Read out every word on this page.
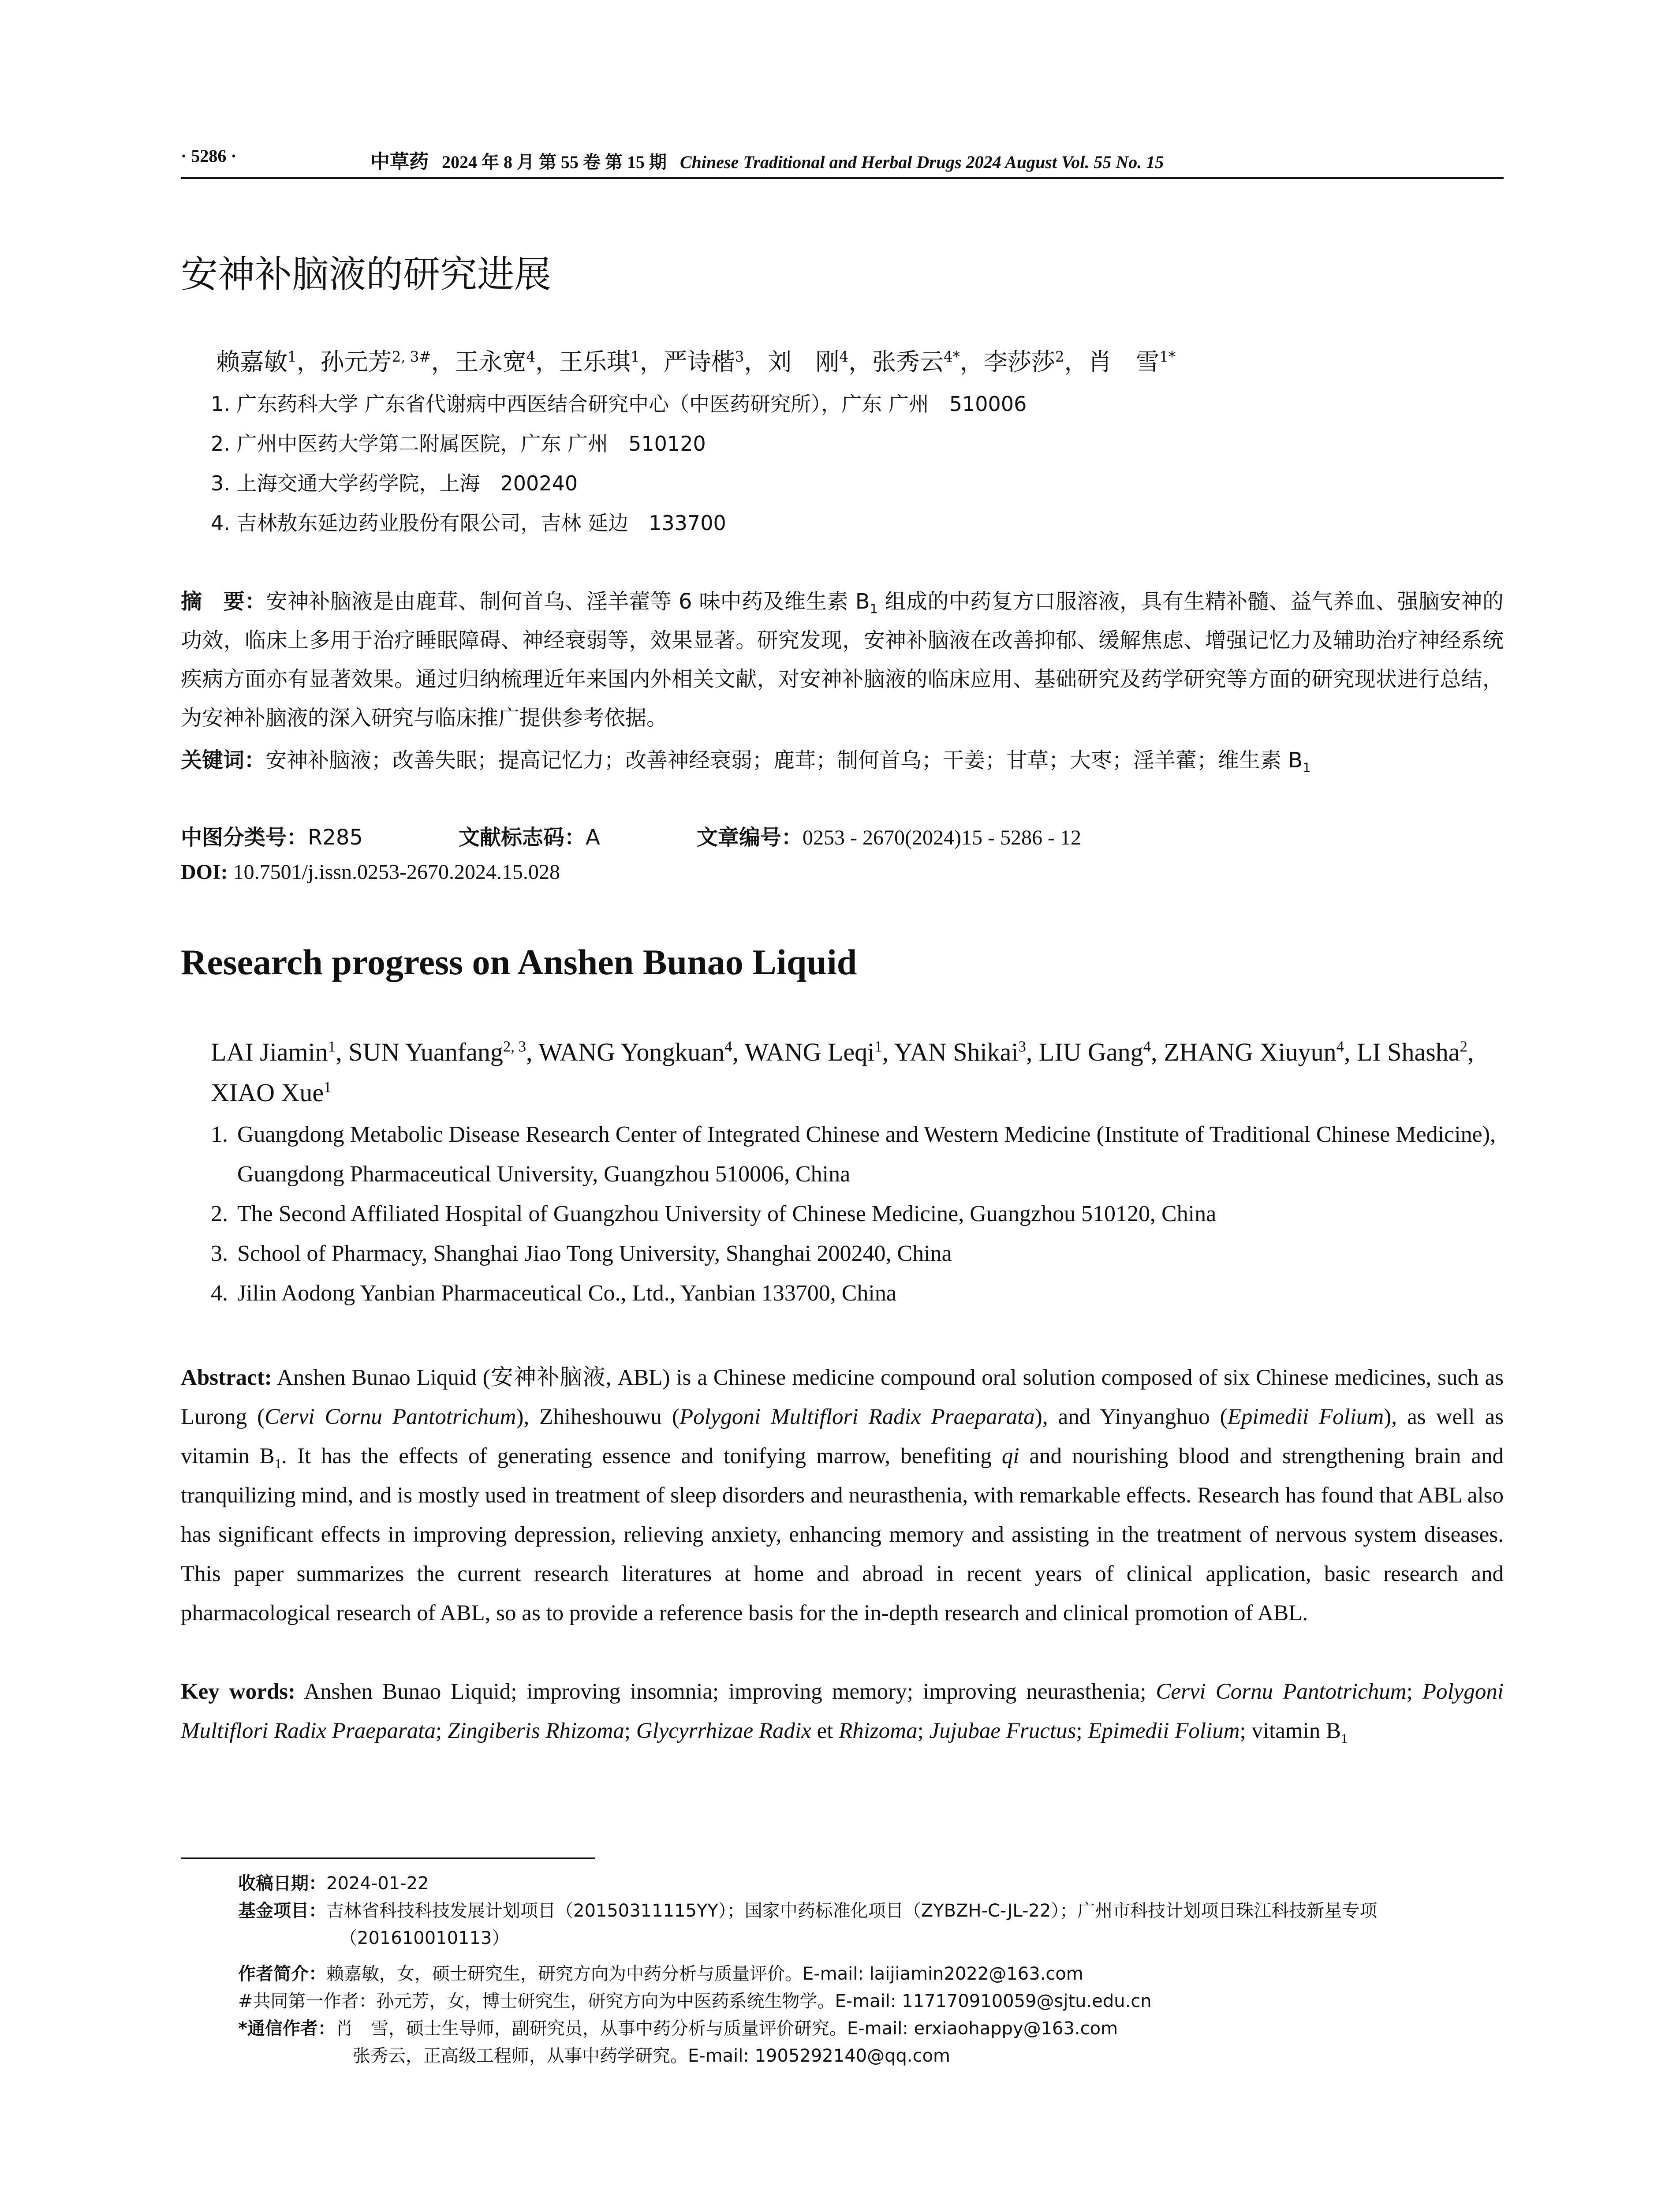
· 5286 ·	中草药 2024 年 8 月 第 55 卷 第 15 期 Chinese Traditional and Herbal Drugs 2024 August Vol. 55 No. 15
安神补脑液的研究进展
赖嘉敏$^1$，孙元芳$^{2, 3\#}$，王永宽$^4$，王乐琪$^1$，严诗楷$^3$，刘　刚$^4$，张秀云$^{4*}$，李莎莎$^2$，肖　雪$^{1*}$
1. 广东药科大学 广东省代谢病中西医结合研究中心（中医药研究所），广东 广州　510006
2. 广州中医药大学第二附属医院，广东 广州　510120
3. 上海交通大学药学院，上海　200240
4. 吉林敖东延边药业股份有限公司，吉林 延边　133700
摘　要：安神补脑液是由鹿茸、制何首乌、淫羊藿等 6 味中药及维生素 $B_1$ 组成的中药复方口服溶液，具有生精补髓、益气养血、强脑安神的功效，临床上多用于治疗睡眠障碍、神经衰弱等，效果显著。研究发现，安神补脑液在改善抑郁、缓解焦虑、增强记忆力及辅助治疗神经系统疾病方面亦有显著效果。通过归纳梳理近年来国内外相关文献，对安神补脑液的临床应用、基础研究及药学研究等方面的研究现状进行总结，为安神补脑液的深入研究与临床推广提供参考依据。
关键词：安神补脑液；改善失眠；提高记忆力；改善神经衰弱；鹿茸；制何首乌；干姜；甘草；大枣；淫羊藿；维生素 $B_1$
中图分类号：R285	文献标志码：A	文章编号：0253 - 2670(2024)15 - 5286 - 12
DOI: 10.7501/j.issn.0253-2670.2024.15.028
Research progress on Anshen Bunao Liquid
LAI Jiamin$^1$, SUN Yuanfang$^{2, 3}$, WANG Yongkuan$^4$, WANG Leqi$^1$, YAN Shikai$^3$, LIU Gang$^4$, ZHANG Xiuyun$^4$, LI Shasha$^2$, XIAO Xue$^1$
1. Guangdong Metabolic Disease Research Center of Integrated Chinese and Western Medicine (Institute of Traditional Chinese Medicine), Guangdong Pharmaceutical University, Guangzhou 510006, China
2. The Second Affiliated Hospital of Guangzhou University of Chinese Medicine, Guangzhou 510120, China
3. School of Pharmacy, Shanghai Jiao Tong University, Shanghai 200240, China
4. Jilin Aodong Yanbian Pharmaceutical Co., Ltd., Yanbian 133700, China
Abstract: Anshen Bunao Liquid (安神补脑液, ABL) is a Chinese medicine compound oral solution composed of six Chinese medicines, such as Lurong (Cervi Cornu Pantotrichum), Zhiheshouwu (Polygoni Multiflori Radix Praeparata), and Yinyanghuo (Epimedii Folium), as well as vitamin $B_1$. It has the effects of generating essence and tonifying marrow, benefiting qi and nourishing blood and strengthening brain and tranquilizing mind, and is mostly used in treatment of sleep disorders and neurasthenia, with remarkable effects. Research has found that ABL also has significant effects in improving depression, relieving anxiety, enhancing memory and assisting in the treatment of nervous system diseases. This paper summarizes the current research literatures at home and abroad in recent years of clinical application, basic research and pharmacological research of ABL, so as to provide a reference basis for the in-depth research and clinical promotion of ABL.
Key words: Anshen Bunao Liquid; improving insomnia; improving memory; improving neurasthenia; Cervi Cornu Pantotrichum; Polygoni Multiflori Radix Praeparata; Zingiberis Rhizoma; Glycyrrhizae Radix et Rhizoma; Jujubae Fructus; Epimedii Folium; vitamin $B_1$
收稿日期：2024-01-22
基金项目：吉林省科技科技发展计划项目（20150311115YY）；国家中药标准化项目（ZYBZH-C-JL-22）；广州市科技计划项目珠江科技新星专项（201610010113）
作者简介：赖嘉敏，女，硕士研究生，研究方向为中药分析与质量评价。E-mail: laijiamin2022@163.com
#共同第一作者：孙元芳，女，博士研究生，研究方向为中医药系统生物学。E-mail: 117170910059@sjtu.edu.cn
*通信作者：肖　雪，硕士生导师，副研究员，从事中药分析与质量评价研究。E-mail: erxiaohappy@163.com
张秀云，正高级工程师，从事中药学研究。E-mail: 1905292140@qq.com
